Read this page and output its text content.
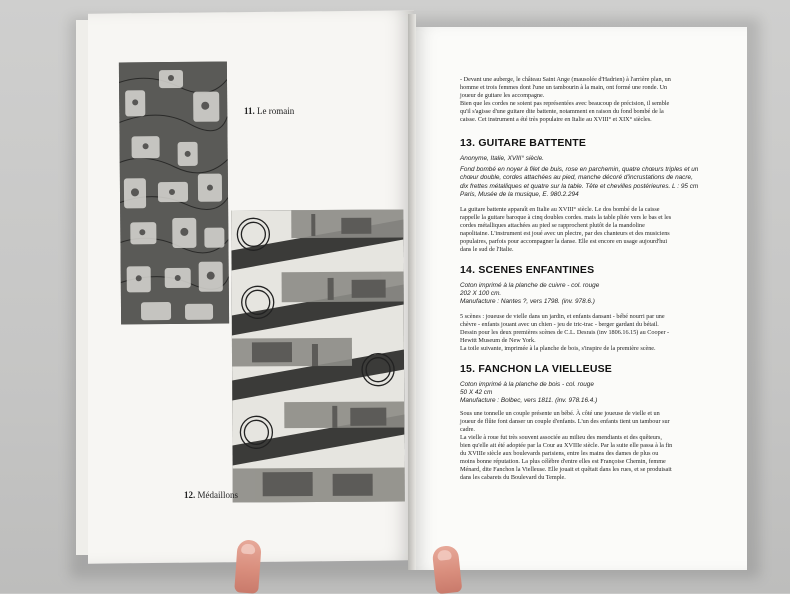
11. Le romain
12. Médaillons
- Devant une auberge, le château Saint Ange (mausolée d'Hadrien) à l'arrière plan, un
homme et trois femmes dont l'une un tambourin à la main, ont formé une ronde. Un
joueur de guitare les accompagne.
Bien que les cordes ne soient pas représentées avec beaucoup de précision, il semble
qu'il s'agisse d'une guitare dite battente, notamment en raison du fond bombé de la
caisse. Cet instrument a été très populaire en Italie au XVIII° et XIX° siècles.
13. GUITARE BATTENTE
Anonyme, Italie, XVIII° siècle.
Fond bombé en noyer à filet de buis, rose en parchemin, quatre chœurs triples et un
chœur double, cordes attachées au pied, manche décoré d'incrustations de nacre,
dix frettes métalliques et quatre sur la table. Tête et chevilles postérieures. L : 95 cm
Paris, Musée de la musique, E. 980.2.294
La guitare battente apparaît en Italie au XVIII° siècle. Le dos bombé de la caisse
rappelle la guitare baroque à cinq doubles cordes. mais la table pliée vers le bas et les
cordes métalliques attachées au pied se rapprochent plutôt de la mandoline
napolitaine. L'instrument est joué avec un plectre, par des chanteurs et des musiciens
populaires, parfois pour accompagner la danse. Elle est encore en usage aujourd'hui
dans le sud de l'Italie.
14. SCENES ENFANTINES
Coton imprimé à la planche de cuivre - col. rouge
202 X 100 cm.
Manufacture : Nantes ?, vers 1798. (inv. 978.6.)
5 scènes : joueuse de vielle dans un jardin, et enfants dansant - bébé nourri par une
chèvre - enfants jouant avec un chien - jeu de tric-trac - berger gardant du bétail.
Dessin pour les deux premières scènes de C.L. Desrais (inv 1806.16.15) au Cooper -
Hewitt Museum de New York.
La toile suivante, imprimée à la planche de bois, s'inspire de la première scène.
15. FANCHON LA VIELLEUSE
Coton imprimé à la planche de bois - col. rouge
50 X 42 cm
Manufacture : Bolbec, vers 1811. (inv. 978.16.4.)
Sous une tonnelle un couple présente un bébé. À côté une joueuse de vielle et un
joueur de flûte font danser un couple d'enfants. L'un des enfants tient un tambour sur
cadre.
La vielle à roue fut très souvent associée au milieu des mendiants et des quêteurs,
bien qu'elle ait été adoptée par la Cour au XVIIIe siècle. Par la suite elle passa à la fin
du XVIIIe siècle aux boulevards parisiens, entre les mains des dames de plus ou
moins bonne réputation. La plus célèbre d'entre elles est Françoise Chemin, femme
Ménard, dite Fanchon la Vielleuse. Elle jouait et quêtait dans les rues, et se produisait
dans les cabarets du Boulevard du Temple.
